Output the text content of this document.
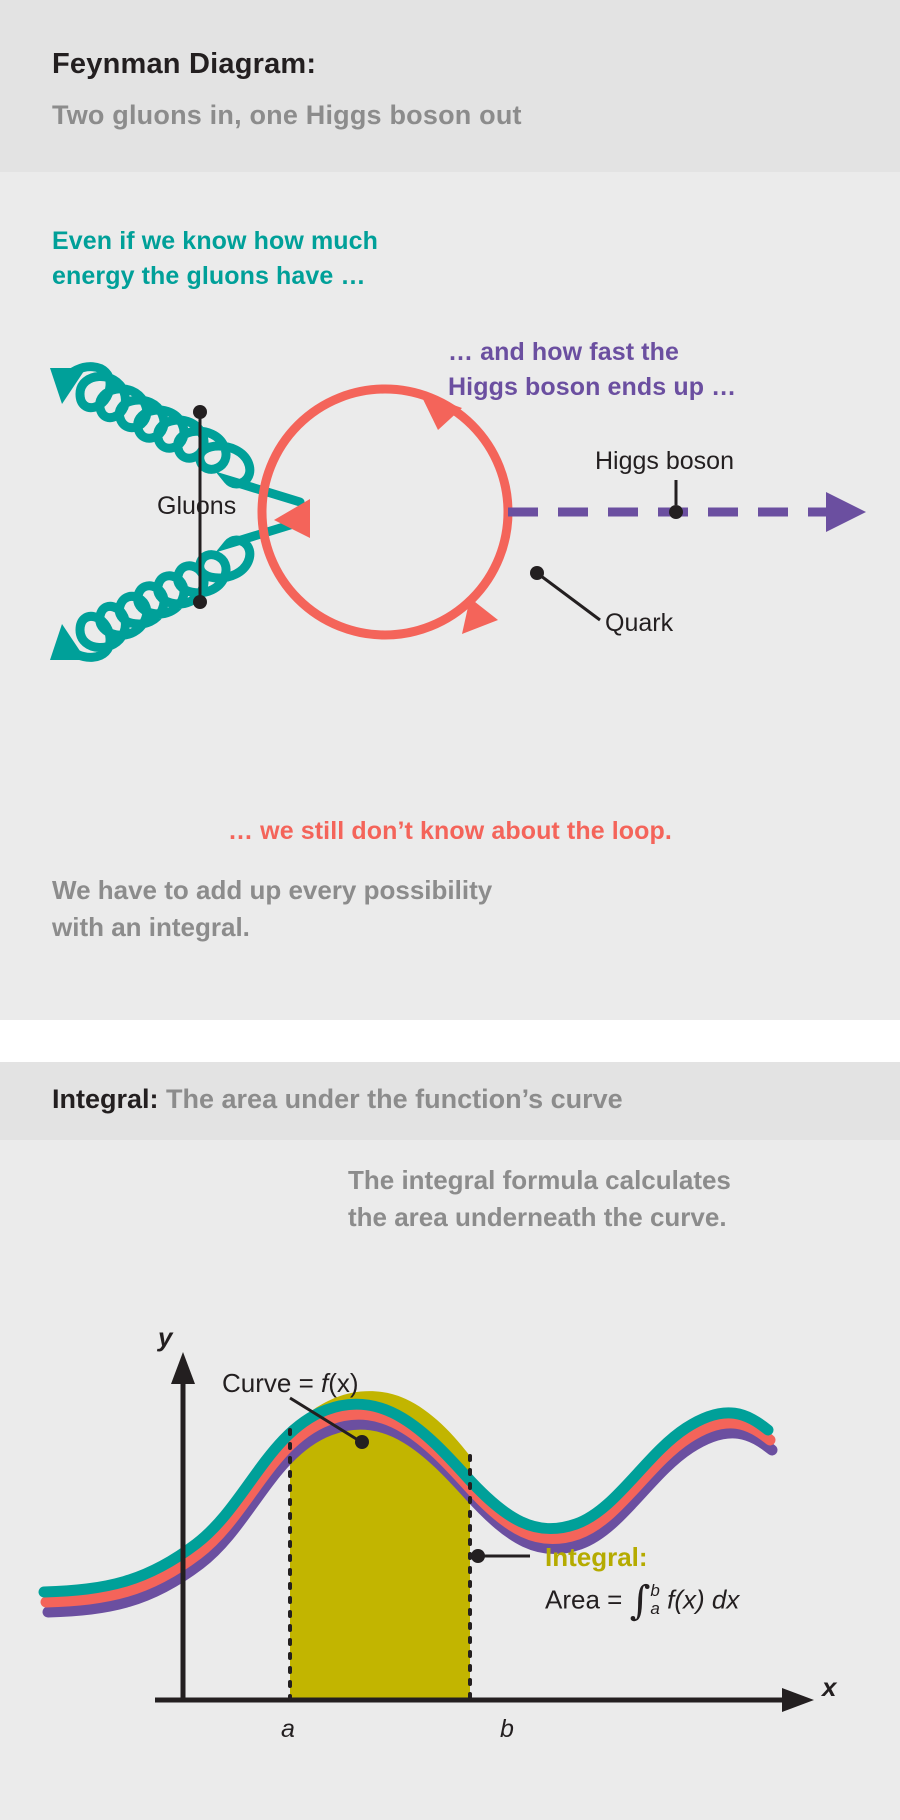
Feynman Diagram:
Two gluons in, one Higgs boson out
Even if we know how much
energy the gluons have …
… and how fast the
Higgs boson ends up …
Gluons
Higgs boson
Quark
… we still don’t know about the loop.
We have to add up every possibility
with an integral.
Integral: The area under the function’s curve
The integral formula calculates
the area underneath the curve.
y
x
a	b
Curve = f(x)
Integral:
Area = ∫b
a f(x) dx
